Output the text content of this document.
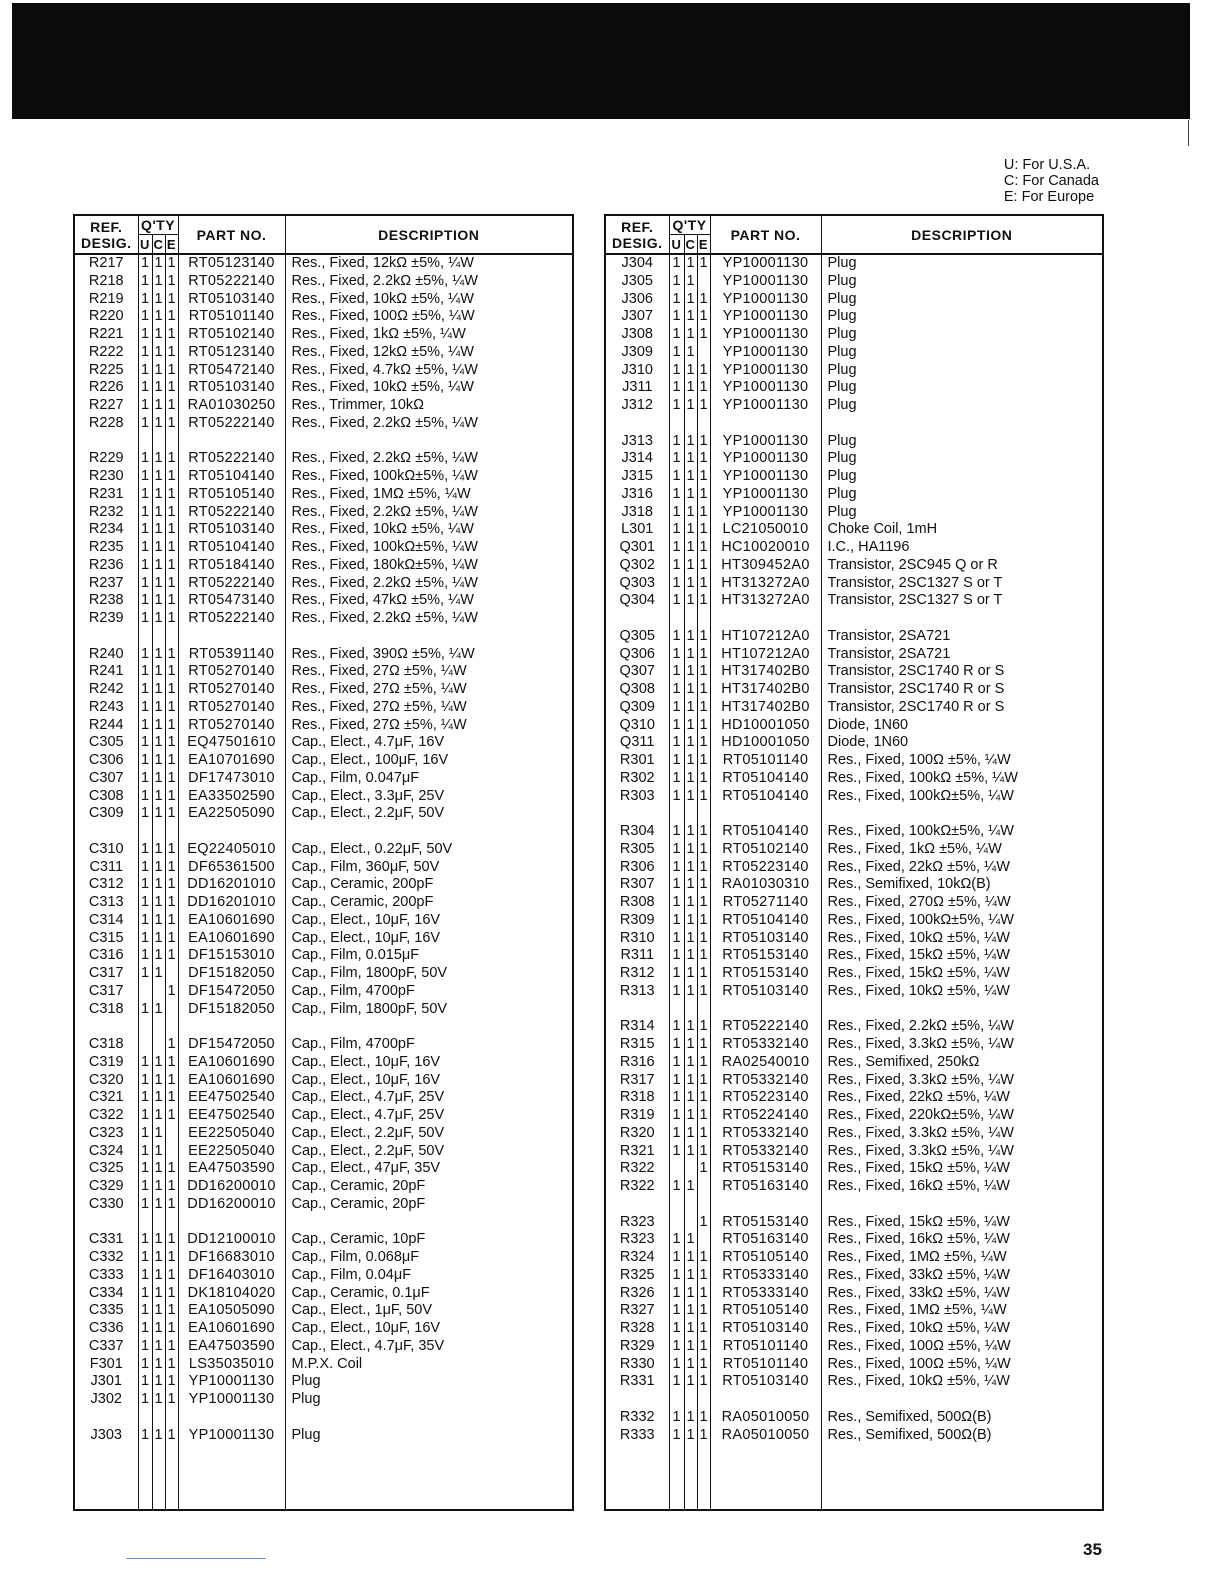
U: For U.S.A.
C: For Canada
E: For Europe
REF.
DESIG.	Q'TY			PART NO.	DESCRIPTION
	U	C	E		
R217	1	1	1	RT05123140	Res., Fixed, 12kΩ ±5%, ¼W
R218	1	1	1	RT05222140	Res., Fixed, 2.2kΩ ±5%, ¼W
R219	1	1	1	RT05103140	Res., Fixed, 10kΩ ±5%, ¼W
R220	1	1	1	RT05101140	Res., Fixed, 100Ω ±5%, ¼W
R221	1	1	1	RT05102140	Res., Fixed, 1kΩ ±5%, ¼W
R222	1	1	1	RT05123140	Res., Fixed, 12kΩ ±5%, ¼W
R225	1	1	1	RT05472140	Res., Fixed, 4.7kΩ ±5%, ¼W
R226	1	1	1	RT05103140	Res., Fixed, 10kΩ ±5%, ¼W
R227	1	1	1	RA01030250	Res., Trimmer, 10kΩ
R228	1	1	1	RT05222140	Res., Fixed, 2.2kΩ ±5%, ¼W

R229	1	1	1	RT05222140	Res., Fixed, 2.2kΩ ±5%, ¼W
R230	1	1	1	RT05104140	Res., Fixed, 100kΩ±5%, ¼W
R231	1	1	1	RT05105140	Res., Fixed, 1MΩ ±5%, ¼W
R232	1	1	1	RT05222140	Res., Fixed, 2.2kΩ ±5%, ¼W
R234	1	1	1	RT05103140	Res., Fixed, 10kΩ ±5%, ¼W
R235	1	1	1	RT05104140	Res., Fixed, 100kΩ±5%, ¼W
R236	1	1	1	RT05184140	Res., Fixed, 180kΩ±5%, ¼W
R237	1	1	1	RT05222140	Res., Fixed, 2.2kΩ ±5%, ¼W
R238	1	1	1	RT05473140	Res., Fixed, 47kΩ ±5%, ¼W
R239	1	1	1	RT05222140	Res., Fixed, 2.2kΩ ±5%, ¼W

R240	1	1	1	RT05391140	Res., Fixed, 390Ω ±5%, ¼W
R241	1	1	1	RT05270140	Res., Fixed, 27Ω ±5%, ¼W
R242	1	1	1	RT05270140	Res., Fixed, 27Ω ±5%, ¼W
R243	1	1	1	RT05270140	Res., Fixed, 27Ω ±5%, ¼W
R244	1	1	1	RT05270140	Res., Fixed, 27Ω ±5%, ¼W
C305	1	1	1	EQ47501610	Cap., Elect., 4.7μF, 16V
C306	1	1	1	EA10701690	Cap., Elect., 100μF, 16V
C307	1	1	1	DF17473010	Cap., Film, 0.047μF
C308	1	1	1	EA33502590	Cap., Elect., 3.3μF, 25V
C309	1	1	1	EA22505090	Cap., Elect., 2.2μF, 50V

C310	1	1	1	EQ22405010	Cap., Elect., 0.22μF, 50V
C311	1	1	1	DF65361500	Cap., Film, 360μF, 50V
C312	1	1	1	DD16201010	Cap., Ceramic, 200pF
C313	1	1	1	DD16201010	Cap., Ceramic, 200pF
C314	1	1	1	EA10601690	Cap., Elect., 10μF, 16V
C315	1	1	1	EA10601690	Cap., Elect., 10μF, 16V
C316	1	1	1	DF15153010	Cap., Film, 0.015μF
C317	1	1		DF15182050	Cap., Film, 1800pF, 50V
C317			1	DF15472050	Cap., Film, 4700pF
C318	1	1		DF15182050	Cap., Film, 1800pF, 50V

C318			1	DF15472050	Cap., Film, 4700pF
C319	1	1	1	EA10601690	Cap., Elect., 10μF, 16V
C320	1	1	1	EA10601690	Cap., Elect., 10μF, 16V
C321	1	1	1	EE47502540	Cap., Elect., 4.7μF, 25V
C322	1	1	1	EE47502540	Cap., Elect., 4.7μF, 25V
C323	1	1		EE22505040	Cap., Elect., 2.2μF, 50V
C324	1	1		EE22505040	Cap., Elect., 2.2μF, 50V
C325	1	1	1	EA47503590	Cap., Elect., 47μF, 35V
C329	1	1	1	DD16200010	Cap., Ceramic, 20pF
C330	1	1	1	DD16200010	Cap., Ceramic, 20pF

C331	1	1	1	DD12100010	Cap., Ceramic, 10pF
C332	1	1	1	DF16683010	Cap., Film, 0.068μF
C333	1	1	1	DF16403010	Cap., Film, 0.04μF
C334	1	1	1	DK18104020	Cap., Ceramic, 0.1μF
C335	1	1	1	EA10505090	Cap., Elect., 1μF, 50V
C336	1	1	1	EA10601690	Cap., Elect., 10μF, 16V
C337	1	1	1	EA47503590	Cap., Elect., 4.7μF, 35V
F301	1	1	1	LS35035010	M.P.X. Coil
J301	1	1	1	YP10001130	Plug
J302	1	1	1	YP10001130	Plug

J303	1	1	1	YP10001130	Plug

REF.
DESIG.	Q'TY			PART NO.	DESCRIPTION
	U	C	E		
J304	1	1	1	YP10001130	Plug
J305	1	1		YP10001130	Plug
J306	1	1	1	YP10001130	Plug
J307	1	1	1	YP10001130	Plug
J308	1	1	1	YP10001130	Plug
J309	1	1		YP10001130	Plug
J310	1	1	1	YP10001130	Plug
J311	1	1	1	YP10001130	Plug
J312	1	1	1	YP10001130	Plug

J313	1	1	1	YP10001130	Plug
J314	1	1	1	YP10001130	Plug
J315	1	1	1	YP10001130	Plug
J316	1	1	1	YP10001130	Plug
J318	1	1	1	YP10001130	Plug
L301	1	1	1	LC21050010	Choke Coil, 1mH
Q301	1	1	1	HC10020010	I.C., HA1196
Q302	1	1	1	HT309452A0	Transistor, 2SC945 Q or R
Q303	1	1	1	HT313272A0	Transistor, 2SC1327 S or T
Q304	1	1	1	HT313272A0	Transistor, 2SC1327 S or T

Q305	1	1	1	HT107212A0	Transistor, 2SA721
Q306	1	1	1	HT107212A0	Transistor, 2SA721
Q307	1	1	1	HT317402B0	Transistor, 2SC1740 R or S
Q308	1	1	1	HT317402B0	Transistor, 2SC1740 R or S
Q309	1	1	1	HT317402B0	Transistor, 2SC1740 R or S
Q310	1	1	1	HD10001050	Diode, 1N60
Q311	1	1	1	HD10001050	Diode, 1N60
R301	1	1	1	RT05101140	Res., Fixed, 100Ω ±5%, ¼W
R302	1	1	1	RT05104140	Res., Fixed, 100kΩ ±5%, ¼W
R303	1	1	1	RT05104140	Res., Fixed, 100kΩ±5%, ¼W

R304	1	1	1	RT05104140	Res., Fixed, 100kΩ±5%, ¼W
R305	1	1	1	RT05102140	Res., Fixed, 1kΩ ±5%, ¼W
R306	1	1	1	RT05223140	Res., Fixed, 22kΩ ±5%, ¼W
R307	1	1	1	RA01030310	Res., Semifixed, 10kΩ(B)
R308	1	1	1	RT05271140	Res., Fixed, 270Ω ±5%, ¼W
R309	1	1	1	RT05104140	Res., Fixed, 100kΩ±5%, ¼W
R310	1	1	1	RT05103140	Res., Fixed, 10kΩ ±5%, ¼W
R311	1	1	1	RT05153140	Res., Fixed, 15kΩ ±5%, ¼W
R312	1	1	1	RT05153140	Res., Fixed, 15kΩ ±5%, ¼W
R313	1	1	1	RT05103140	Res., Fixed, 10kΩ ±5%, ¼W

R314	1	1	1	RT05222140	Res., Fixed, 2.2kΩ ±5%, ¼W
R315	1	1	1	RT05332140	Res., Fixed, 3.3kΩ ±5%, ¼W
R316	1	1	1	RA02540010	Res., Semifixed, 250kΩ
R317	1	1	1	RT05332140	Res., Fixed, 3.3kΩ ±5%, ¼W
R318	1	1	1	RT05223140	Res., Fixed, 22kΩ ±5%, ¼W
R319	1	1	1	RT05224140	Res., Fixed, 220kΩ±5%, ¼W
R320	1	1	1	RT05332140	Res., Fixed, 3.3kΩ ±5%, ¼W
R321	1	1	1	RT05332140	Res., Fixed, 3.3kΩ ±5%, ¼W
R322			1	RT05153140	Res., Fixed, 15kΩ ±5%, ¼W
R322	1	1		RT05163140	Res., Fixed, 16kΩ ±5%, ¼W

R323			1	RT05153140	Res., Fixed, 15kΩ ±5%, ¼W
R323	1	1		RT05163140	Res., Fixed, 16kΩ ±5%, ¼W
R324	1	1	1	RT05105140	Res., Fixed, 1MΩ ±5%, ¼W
R325	1	1	1	RT05333140	Res., Fixed, 33kΩ ±5%, ¼W
R326	1	1	1	RT05333140	Res., Fixed, 33kΩ ±5%, ¼W
R327	1	1	1	RT05105140	Res., Fixed, 1MΩ ±5%, ¼W
R328	1	1	1	RT05103140	Res., Fixed, 10kΩ ±5%, ¼W
R329	1	1	1	RT05101140	Res., Fixed, 100Ω ±5%, ¼W
R330	1	1	1	RT05101140	Res., Fixed, 100Ω ±5%, ¼W
R331	1	1	1	RT05103140	Res., Fixed, 10kΩ ±5%, ¼W

R332	1	1	1	RA05010050	Res., Semifixed, 500Ω(B)
R333	1	1	1	RA05010050	Res., Semifixed, 500Ω(B)

35
